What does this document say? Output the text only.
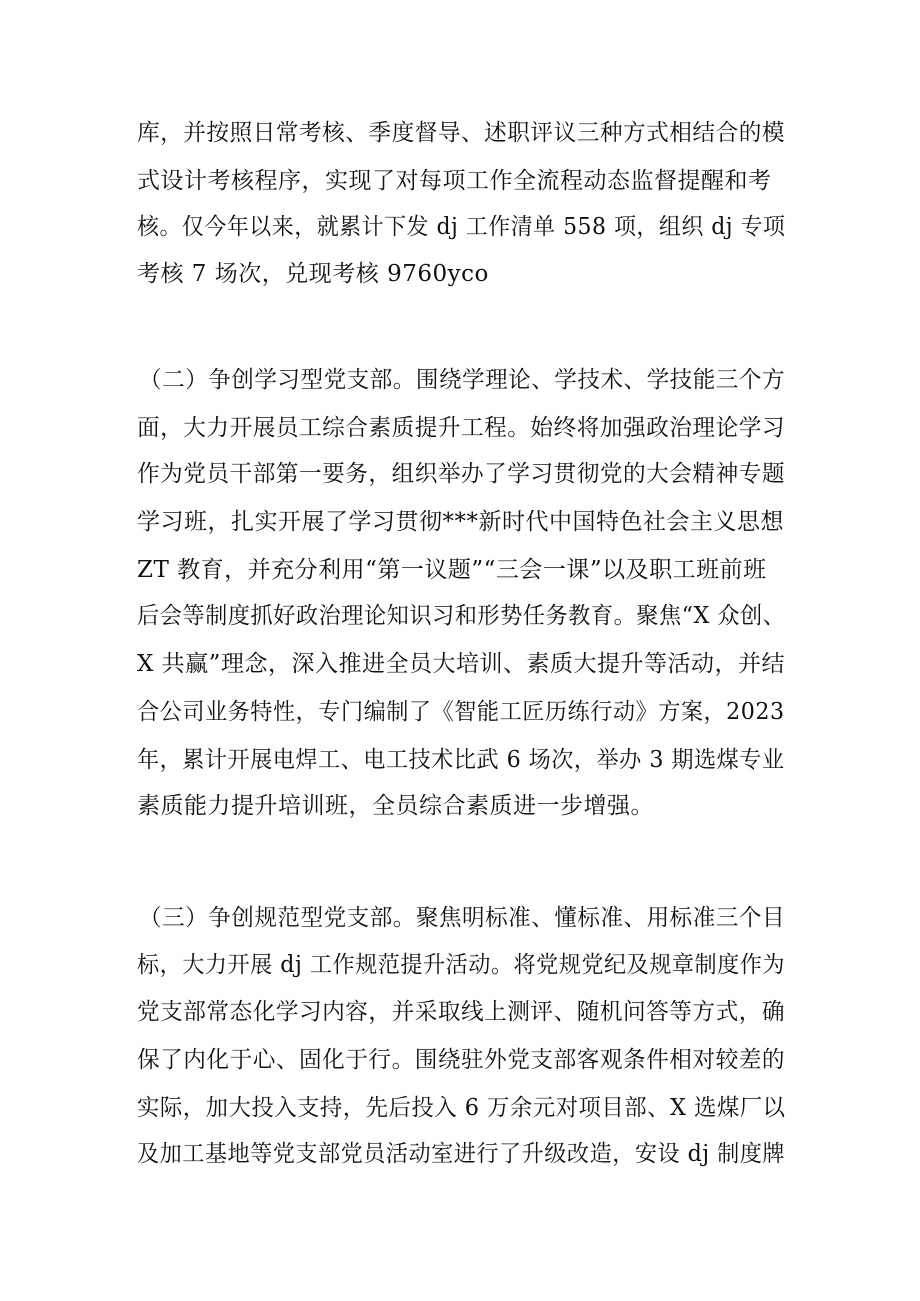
库，并按照日常考核、季度督导、述职评议三种方式相结合的模
式设计考核程序，实现了对每项工作全流程动态监督提醒和考
核。仅今年以来，就累计下发 dj 工作清单 558 项，组织 dj 专项
考核 7 场次，兑现考核 9760yco
（二）争创学习型党支部。围绕学理论、学技术、学技能三个方
面，大力开展员工综合素质提升工程。始终将加强政治理论学习
作为党员干部第一要务，组织举办了学习贯彻党的大会精神专题
学习班，扎实开展了学习贯彻***新时代中国特色社会主义思想
ZT 教育，并充分利用“第一议题”“三会一课”以及职工班前班
后会等制度抓好政治理论知识习和形势任务教育。聚焦“X 众创、
X 共赢”理念，深入推进全员大培训、素质大提升等活动，并结
合公司业务特性，专门编制了《智能工匠历练行动》方案，2023
年，累计开展电焊工、电工技术比武 6 场次，举办 3 期选煤专业
素质能力提升培训班，全员综合素质进一步增强。
（三）争创规范型党支部。聚焦明标准、懂标准、用标准三个目
标，大力开展 dj 工作规范提升活动。将党规党纪及规章制度作为
党支部常态化学习内容，并采取线上测评、随机问答等方式，确
保了内化于心、固化于行。围绕驻外党支部客观条件相对较差的
实际，加大投入支持，先后投入 6 万余元对项目部、X 选煤厂以
及加工基地等党支部党员活动室进行了升级改造，安设 dj 制度牌
